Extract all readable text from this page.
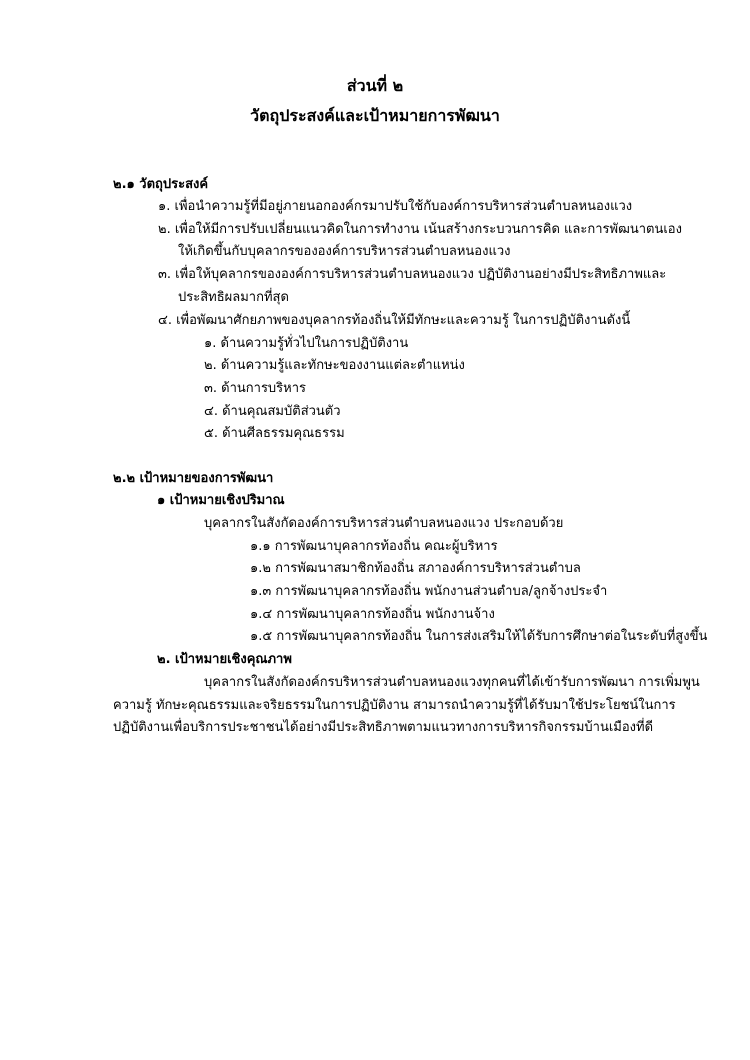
ส่วนที่ ๒
วัตถุประสงค์และเป้าหมายการพัฒนา
๒.๑ วัตถุประสงค์
๑. เพื่อนำความรู้ที่มีอยู่ภายนอกองค์กรมาปรับใช้กับองค์การบริหารส่วนตำบลหนองแวง
๒. เพื่อให้มีการปรับเปลี่ยนแนวคิดในการทำงาน เน้นสร้างกระบวนการคิด และการพัฒนาตนเอง
ให้เกิดขึ้นกับบุคลากรขององค์การบริหารส่วนตำบลหนองแวง
๓. เพื่อให้บุคลากรขององค์การบริหารส่วนตำบลหนองแวง ปฏิบัติงานอย่างมีประสิทธิภาพและ
ประสิทธิผลมากที่สุด
๔. เพื่อพัฒนาศักยภาพของบุคลากรท้องถิ่นให้มีทักษะและความรู้ ในการปฏิบัติงานดังนี้
๑. ด้านความรู้ทั่วไปในการปฏิบัติงาน
๒. ด้านความรู้และทักษะของงานแต่ละตำแหน่ง
๓. ด้านการบริหาร
๔. ด้านคุณสมบัติส่วนตัว
๕. ด้านศีลธรรมคุณธรรม
๒.๒ เป้าหมายของการพัฒนา
๑ เป้าหมายเชิงปริมาณ
บุคลากรในสังกัดองค์การบริหารส่วนตำบลหนองแวง ประกอบด้วย
๑.๑ การพัฒนาบุคลากรท้องถิ่น คณะผู้บริหาร
๑.๒ การพัฒนาสมาชิกท้องถิ่น สภาองค์การบริหารส่วนตำบล
๑.๓ การพัฒนาบุคลากรท้องถิ่น พนักงานส่วนตำบล/ลูกจ้างประจำ
๑.๔ การพัฒนาบุคลากรท้องถิ่น พนักงานจ้าง
๑.๕ การพัฒนาบุคลากรท้องถิ่น ในการส่งเสริมให้ได้รับการศึกษาต่อในระดับที่สูงขึ้น
๒. เป้าหมายเชิงคุณภาพ
บุคลากรในสังกัดองค์กรบริหารส่วนตำบลหนองแวงทุกคนที่ได้เข้ารับการพัฒนา การเพิ่มพูน
ความรู้ ทักษะคุณธรรมและจริยธรรมในการปฏิบัติงาน สามารถนำความรู้ที่ได้รับมาใช้ประโยชน์ในการ
ปฏิบัติงานเพื่อบริการประชาชนได้อย่างมีประสิทธิภาพตามแนวทางการบริหารกิจกรรมบ้านเมืองที่ดี
